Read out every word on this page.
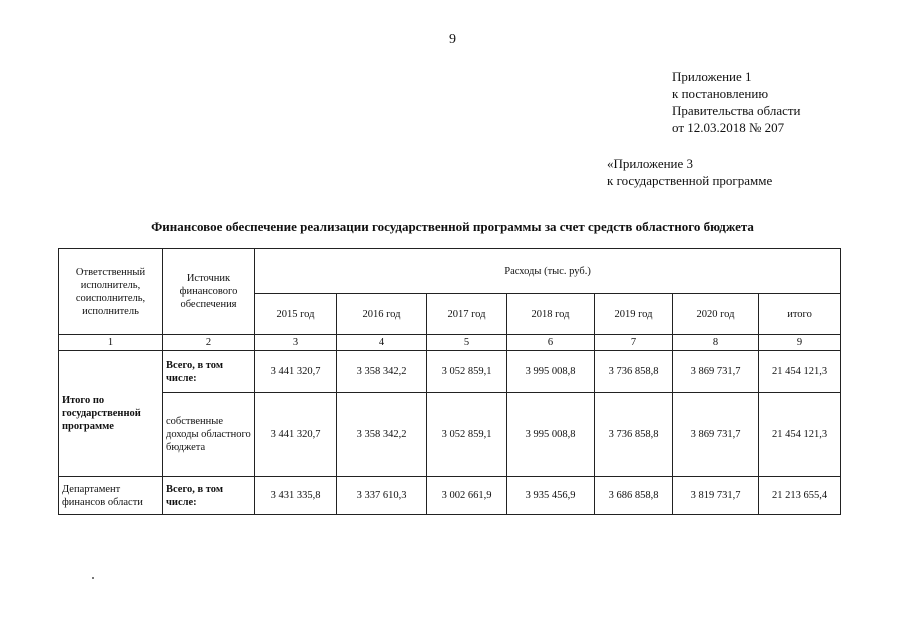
9
Приложение 1
к постановлению
Правительства области
от 12.03.2018 № 207
«Приложение 3
к государственной программе
Финансовое обеспечение реализации государственной программы за счет средств областного бюджета
Ответственный исполнитель, соисполнитель, исполнитель	Источник финансового обеспечения	Расходы (тыс. руб.)						
		2015 год	2016 год	2017 год	2018 год	2019 год	2020 год	итого
1	2	3	4	5	6	7	8	9
Итого по государственной программе	Всего, в том числе:	3 441 320,7	3 358 342,2	3 052 859,1	3 995 008,8	3 736 858,8	3 869 731,7	21 454 121,3
	собственные доходы областного бюджета	3 441 320,7	3 358 342,2	3 052 859,1	3 995 008,8	3 736 858,8	3 869 731,7	21 454 121,3
Департамент финансов области	Всего, в том числе:	3 431 335,8	3 337 610,3	3 002 661,9	3 935 456,9	3 686 858,8	3 819 731,7	21 213 655,4
